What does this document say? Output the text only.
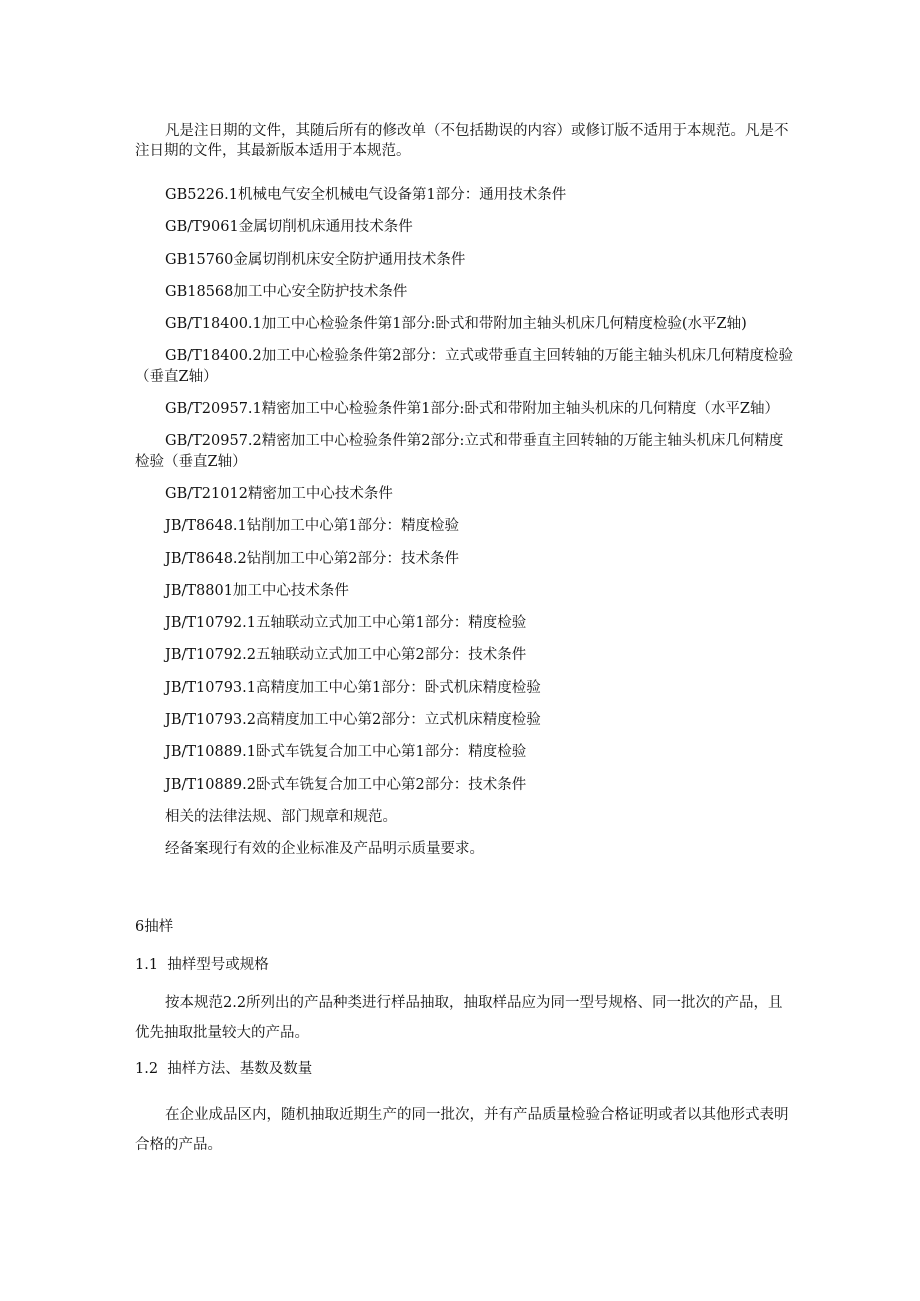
凡是注日期的文件，其随后所有的修改单（不包括勘误的内容）或修订版不适用于本规范。凡是不注日期的文件，其最新版本适用于本规范。

GB5226.1机械电气安全机械电气设备第1部分：通用技术条件

GB/T9061金属切削机床通用技术条件

GB15760金属切削机床安全防护通用技术条件

GB18568加工中心安全防护技术条件

GB/T18400.1加工中心检验条件第1部分:卧式和带附加主轴头机床几何精度检验(水平Z轴)

GB/T18400.2加工中心检验条件第2部分：立式或带垂直主回转轴的万能主轴头机床几何精度检验（垂直Z轴）

GB/T20957.1精密加工中心检验条件第1部分:卧式和带附加主轴头机床的几何精度（水平Z轴）

GB/T20957.2精密加工中心检验条件第2部分:立式和带垂直主回转轴的万能主轴头机床几何精度检验（垂直Z轴）

GB/T21012精密加工中心技术条件

JB/T8648.1钻削加工中心第1部分：精度检验

JB/T8648.2钻削加工中心第2部分：技术条件

JB/T8801加工中心技术条件

JB/T10792.1五轴联动立式加工中心第1部分：精度检验

JB/T10792.2五轴联动立式加工中心第2部分：技术条件

JB/T10793.1高精度加工中心第1部分：卧式机床精度检验

JB/T10793.2高精度加工中心第2部分：立式机床精度检验

JB/T10889.1卧式车铣复合加工中心第1部分：精度检验

JB/T10889.2卧式车铣复合加工中心第2部分：技术条件

相关的法律法规、部门规章和规范。

经备案现行有效的企业标准及产品明示质量要求。

6抽样

1.1  抽样型号或规格

按本规范2.2所列出的产品种类进行样品抽取，抽取样品应为同一型号规格、同一批次的产品，且优先抽取批量较大的产品。

1.2  抽样方法、基数及数量

在企业成品区内，随机抽取近期生产的同一批次，并有产品质量检验合格证明或者以其他形式表明合格的产品。
